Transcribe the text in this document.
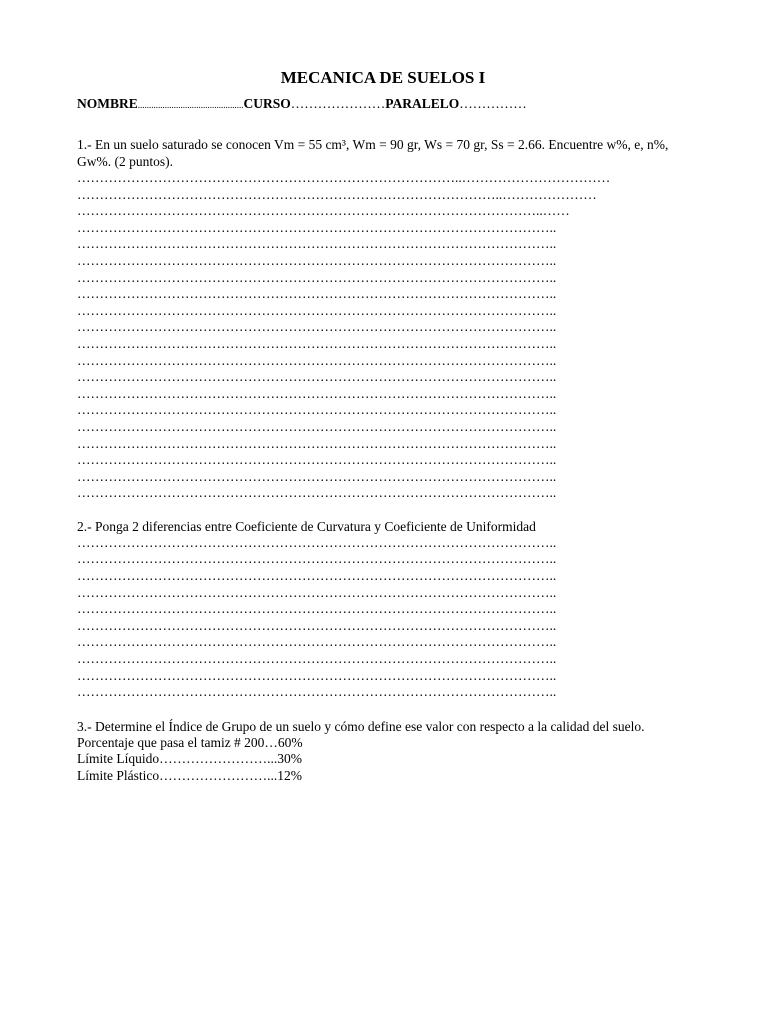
MECANICA DE SUELOS I

NOMBRE...............................................CURSO…………………PARALELO……………

1.- En un suelo saturado se conocen Vm = 55 cm³, Wm = 90 gr, Ws = 70 gr, Ss = 2.66. Encuentre w%, e, n%, Gw%. (2 puntos).

…………………………………………………………………………..……………………………

…………………………………………………………………………………..…………………

…………………………………………………………………………………………..……

……………………………………………………………………………………………..

……………………………………………………………………………………………..

……………………………………………………………………………………………..

……………………………………………………………………………………………..

……………………………………………………………………………………………..

……………………………………………………………………………………………..

……………………………………………………………………………………………..

……………………………………………………………………………………………..

……………………………………………………………………………………………..

……………………………………………………………………………………………..

……………………………………………………………………………………………..

……………………………………………………………………………………………..

……………………………………………………………………………………………..

……………………………………………………………………………………………..

……………………………………………………………………………………………..

……………………………………………………………………………………………..

……………………………………………………………………………………………..

2.- Ponga 2 diferencias entre Coeficiente de Curvatura y Coeficiente de Uniformidad

……………………………………………………………………………………………..

……………………………………………………………………………………………..

……………………………………………………………………………………………..

……………………………………………………………………………………………..

……………………………………………………………………………………………..

……………………………………………………………………………………………..

……………………………………………………………………………………………..

……………………………………………………………………………………………..

……………………………………………………………………………………………..

……………………………………………………………………………………………..

3.- Determine el Índice de Grupo de un suelo y cómo define ese valor con respecto a la calidad del suelo.

Porcentaje que pasa el tamiz # 200…60%

Límite Líquido……………………...30%

Límite Plástico……………………...12%
